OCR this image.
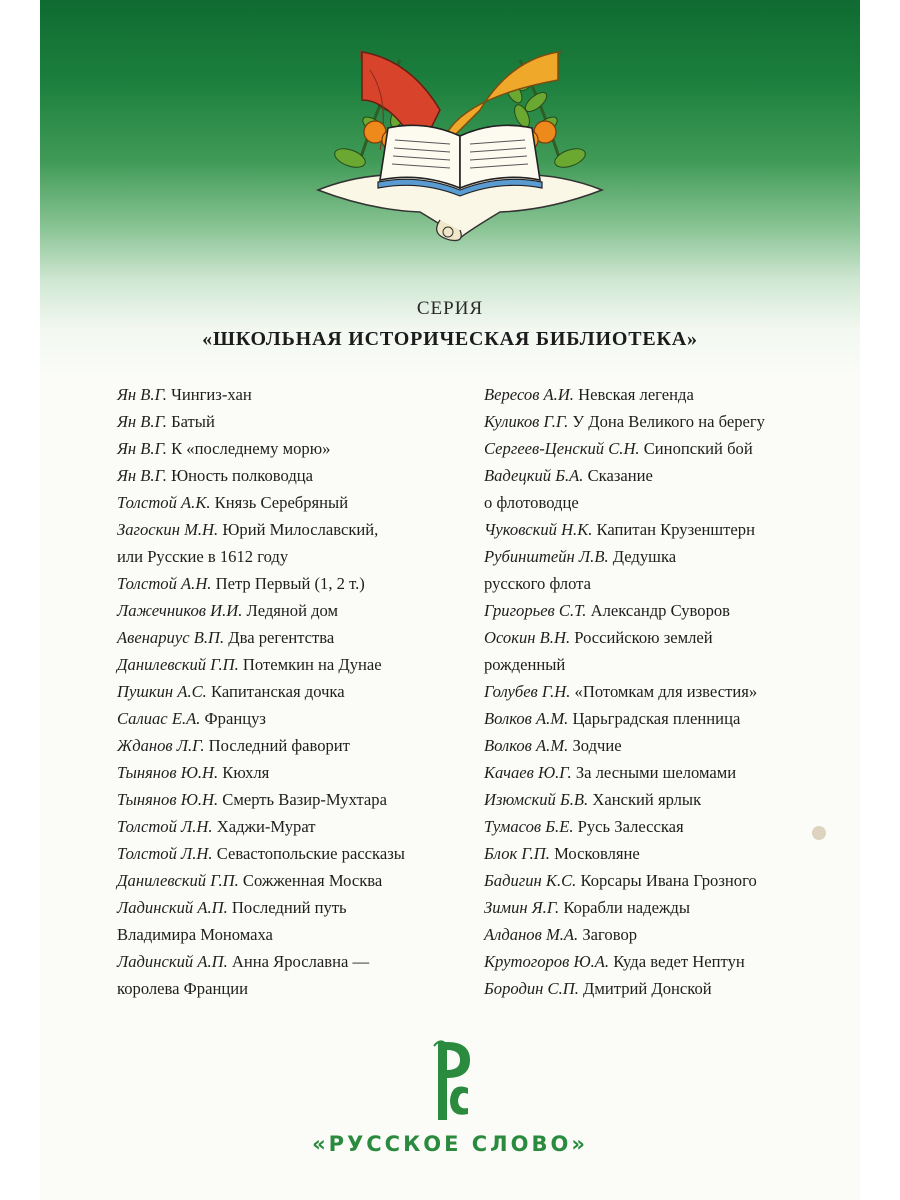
СЕРИЯ
«ШКОЛЬНАЯ ИСТОРИЧЕСКАЯ БИБЛИОТЕКА»
Ян В.Г. Чингиз-хан
Ян В.Г. Батый
Ян В.Г. К «последнему морю»
Ян В.Г. Юность полководца
Толстой А.К. Князь Серебряный
Загоскин М.Н. Юрий Милославский,
или Русские в 1612 году
Толстой А.Н. Петр Первый (1, 2 т.)
Лажечников И.И. Ледяной дом
Авенариус В.П. Два регентства
Данилевский Г.П. Потемкин на Дунае
Пушкин А.С. Капитанская дочка
Салиас Е.А. Француз
Жданов Л.Г. Последний фаворит
Тынянов Ю.Н. Кюхля
Тынянов Ю.Н. Смерть Вазир-Мухтара
Толстой Л.Н. Хаджи-Мурат
Толстой Л.Н. Севастопольские рассказы
Данилевский Г.П. Сожженная Москва
Ладинский А.П. Последний путь
Владимира Мономаха
Ладинский А.П. Анна Ярославна —
королева Франции
Вересов А.И. Невская легенда
Куликов Г.Г. У Дона Великого на берегу
Сергеев-Ценский С.Н. Синопский бой
Вадецкий Б.А. Сказание
о флотоводце
Чуковский Н.К. Капитан Крузенштерн
Рубинштейн Л.В. Дедушка
русского флота
Григорьев С.Т. Александр Суворов
Осокин В.Н. Российскою землей
рожденный
Голубев Г.Н. «Потомкам для известия»
Волков А.М. Царьградская пленница
Волков А.М. Зодчие
Качаев Ю.Г. За лесными шеломами
Изюмский Б.В. Ханский ярлык
Тумасов Б.Е. Русь Залесская
Блок Г.П. Московляне
Бадигин К.С. Корсары Ивана Грозного
Зимин Я.Г. Корабли надежды
Алданов М.А. Заговор
Крутогоров Ю.А. Куда ведет Нептун
Бородин С.П. Дмитрий Донской
«РУССКОЕ СЛОВО»
